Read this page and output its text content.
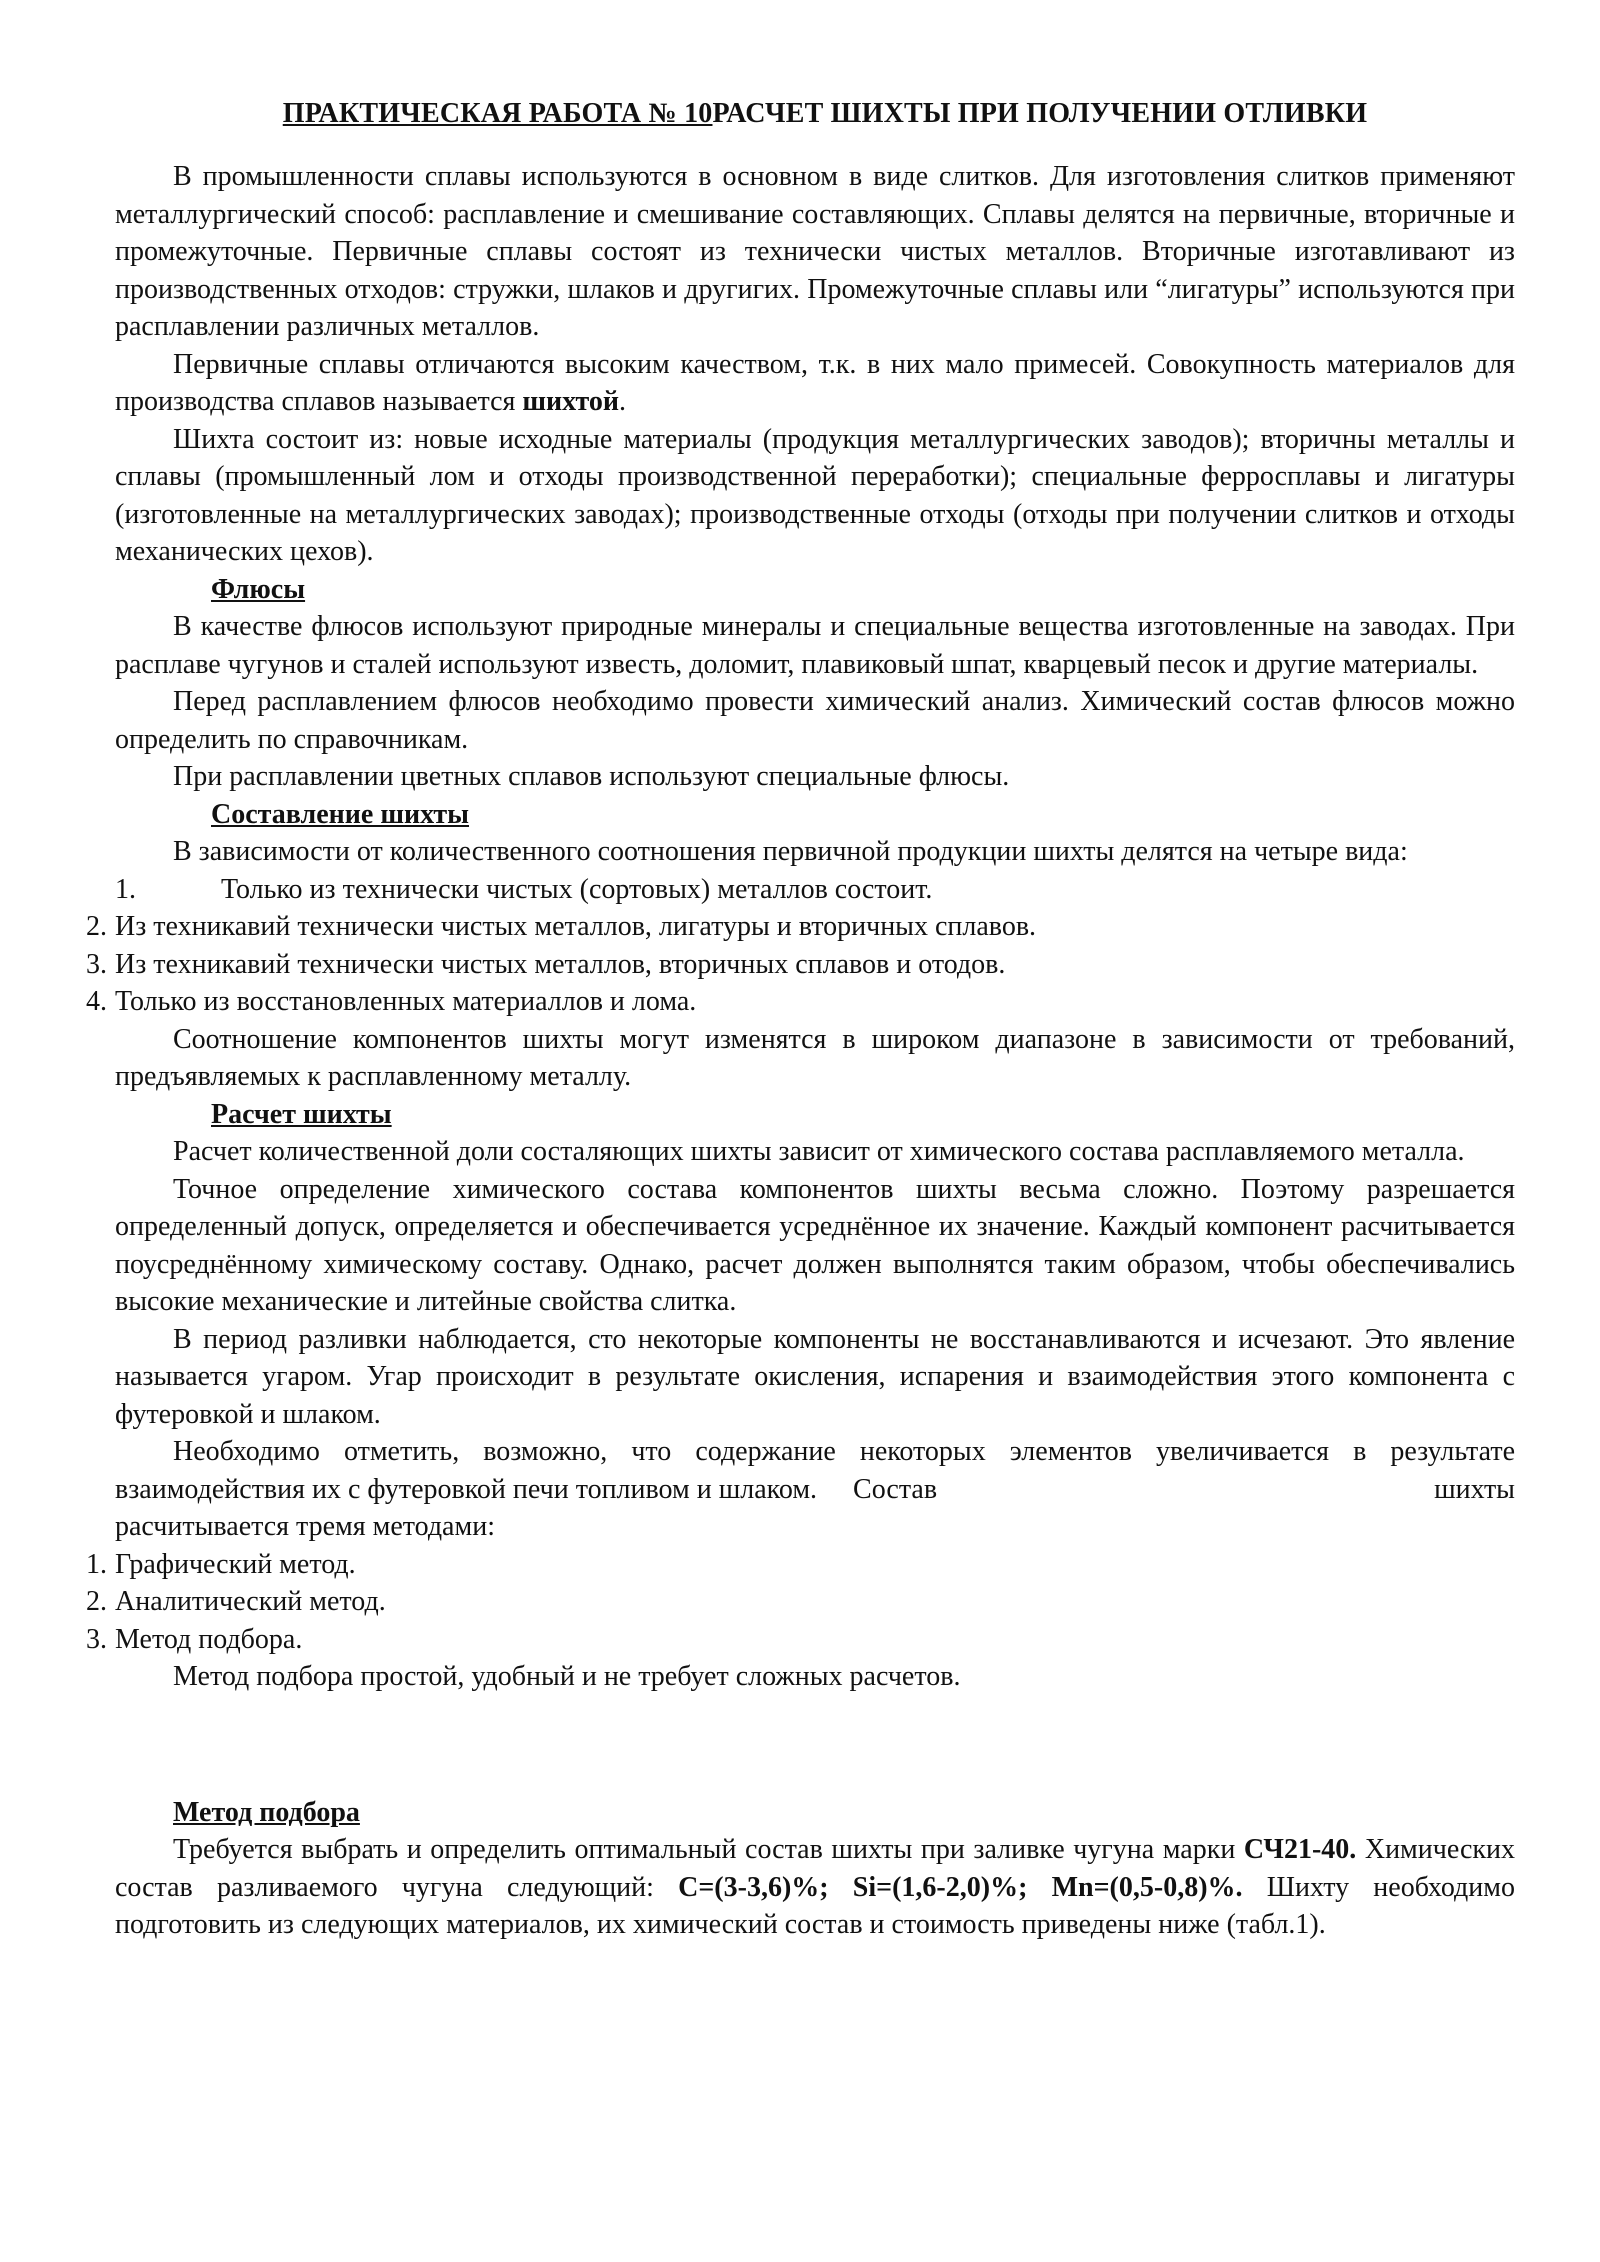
ПРАКТИЧЕСКАЯ РАБОТА № 10РАСЧЕТ ШИХТЫ ПРИ ПОЛУЧЕНИИ ОТЛИВКИ

В промышленности сплавы используются в основном в виде слитков. Для изготовления слитков применяют металлургический способ: расплавление и смешивание составляющих. Сплавы делятся на первичные, вторичные и промежуточные. Первичные сплавы состоят из технически чистых металлов. Вторичные изготавливают из производственных отходов: стружки, шлаков и другигих. Промежуточные сплавы или “лигатуры” используются при расплавлении различных металлов.

Первичные сплавы отличаются высоким качеством, т.к. в них мало примесей. Совокупность материалов для производства сплавов называется шихтой.

Шихта состоит из: новые исходные материалы (продукция металлургических заводов); вторичны металлы и сплавы (промышленный лом и отходы производственной переработки); специальные ферросплавы и лигатуры (изготовленные на металлургических заводах); производственные отходы (отходы при получении слитков и отходы механических цехов).

Флюсы

В качестве флюсов используют природные минералы и специальные вещества изготовленные на заводах. При расплаве чугунов и сталей используют известь, доломит, плавиковый шпат, кварцевый песок и другие материалы.

Перед расплавлением флюсов необходимо провести химический анализ. Химический состав флюсов можно определить по справочникам.

При расплавлении цветных сплавов используют специальные флюсы.

Составление шихты

В зависимости от количественного соотношения первичной продукции шихты делятся на четыре вида:

1.	Только из технически чистых (сортовых) металлов состоит.
2. Из техникавий технически чистых металлов, лигатуры и вторичных сплавов.
3. Из техникавий технически чистых металлов, вторичных сплавов и отодов.
4. Только из восстановленных материаллов и лома.

Соотношение компонентов шихты могут изменятся в широком диапазоне в зависимости от требований, предъявляемых к расплавленному металлу.

Расчет шихты

Расчет количественной доли состаляющих шихты зависит от химического состава расплавляемого металла.

Точное определение химического состава компонентов шихты весьма сложно. Поэтому разрешается определенный допуск, определяется и обеспечивается усреднённое их значение. Каждый компонент расчитывается поусреднённому химическому составу. Однако, расчет должен выполнятся таким образом, чтобы обеспечивались высокие механические и литейные свойства слитка.

В период разливки наблюдается, сто некоторые компоненты не восстанавливаются и исчезают. Это явление называется угаром. Угар происходит в результате окисления, испарения и взаимодействия этого компонента с футеровкой и шлаком.

Необходимо отметить, возможно, что содержание некоторых элементов увеличивается в результате взаимодействия их с футеровкой печи топливом и шлаком. Состав	шихты

расчитывается тремя методами:

1. Графический метод.
2. Аналитический метод.
3. Метод подбора.

Метод подбора простой, удобный и не требует сложных расчетов.

Метод подбора

Требуется выбрать и определить оптимальный состав шихты при заливке чугуна марки СЧ21-40. Химических состав разливаемого чугуна следующий: С=(3-3,6)%; Si=(1,6-2,0)%; Mn=(0,5-0,8)%. Шихту необходимо подготовить из следующих материалов, их химический состав и стоимость приведены ниже (табл.1).
